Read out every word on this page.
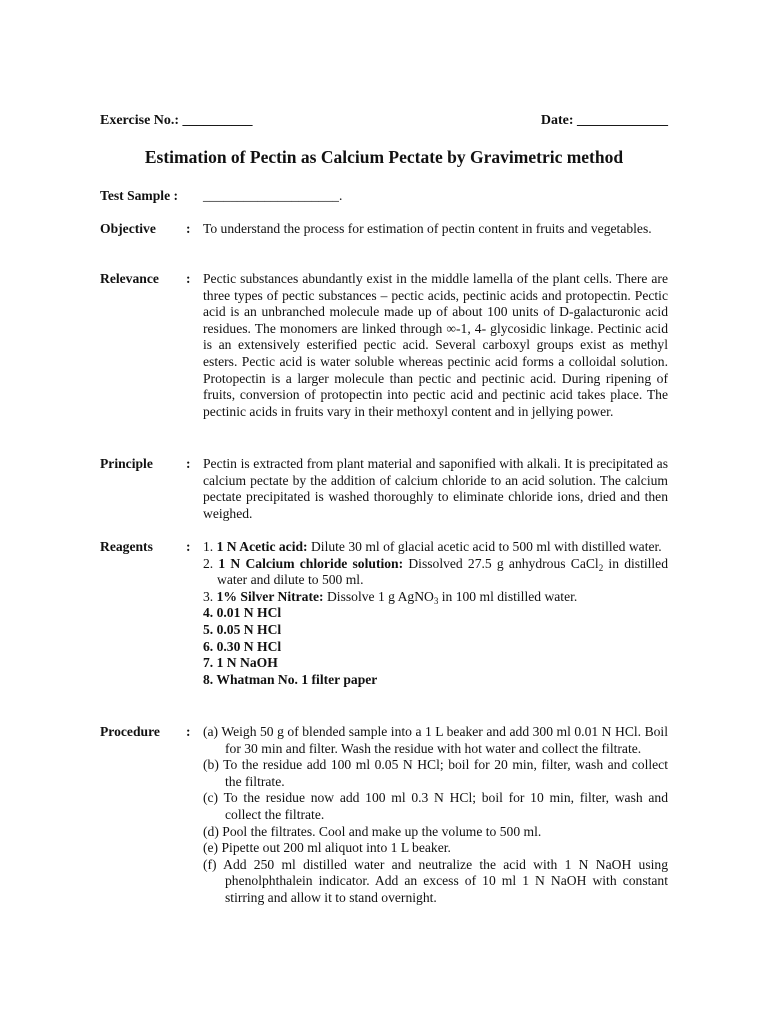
Exercise No.: __________	Date: _____________
Estimation of Pectin as Calcium Pectate by Gravimetric method
Test Sample : ____________________.
Objective : To understand the process for estimation of pectin content in fruits and vegetables.
Relevance : Pectic substances abundantly exist in the middle lamella of the plant cells. There are three types of pectic substances – pectic acids, pectinic acids and protopectin. Pectic acid is an unbranched molecule made up of about 100 units of D-galacturonic acid residues. The monomers are linked through ∞-1, 4- glycosidic linkage. Pectinic acid is an extensively esterified pectic acid. Several carboxyl groups exist as methyl esters. Pectic acid is water soluble whereas pectinic acid forms a colloidal solution. Protopectin is a larger molecule than pectic and pectinic acid. During ripening of fruits, conversion of protopectin into pectic acid and pectinic acid takes place. The pectinic acids in fruits vary in their methoxyl content and in jellying power.
Principle : Pectin is extracted from plant material and saponified with alkali. It is precipitated as calcium pectate by the addition of calcium chloride to an acid solution. The calcium pectate precipitated is washed thoroughly to eliminate chloride ions, dried and then weighed.
Reagents : 1. 1 N Acetic acid: Dilute 30 ml of glacial acetic acid to 500 ml with distilled water.
2. 1 N Calcium chloride solution: Dissolved 27.5 g anhydrous CaCl$_2$ in distilled water and dilute to 500 ml.
3. 1% Silver Nitrate: Dissolve 1 g AgNO$_3$ in 100 ml distilled water.
4. 0.01 N HCl
5. 0.05 N HCl
6. 0.30 N HCl
7. 1 N NaOH
8. Whatman No. 1 filter paper
Procedure : (a) Weigh 50 g of blended sample into a 1 L beaker and add 300 ml 0.01 N HCl. Boil for 30 min and filter. Wash the residue with hot water and collect the filtrate.
(b) To the residue add 100 ml 0.05 N HCl; boil for 20 min, filter, wash and collect the filtrate.
(c) To the residue now add 100 ml 0.3 N HCl; boil for 10 min, filter, wash and collect the filtrate.
(d) Pool the filtrates. Cool and make up the volume to 500 ml.
(e) Pipette out 200 ml aliquot into 1 L beaker.
(f) Add 250 ml distilled water and neutralize the acid with 1 N NaOH using phenolphthalein indicator. Add an excess of 10 ml 1 N NaOH with constant stirring and allow it to stand overnight.
